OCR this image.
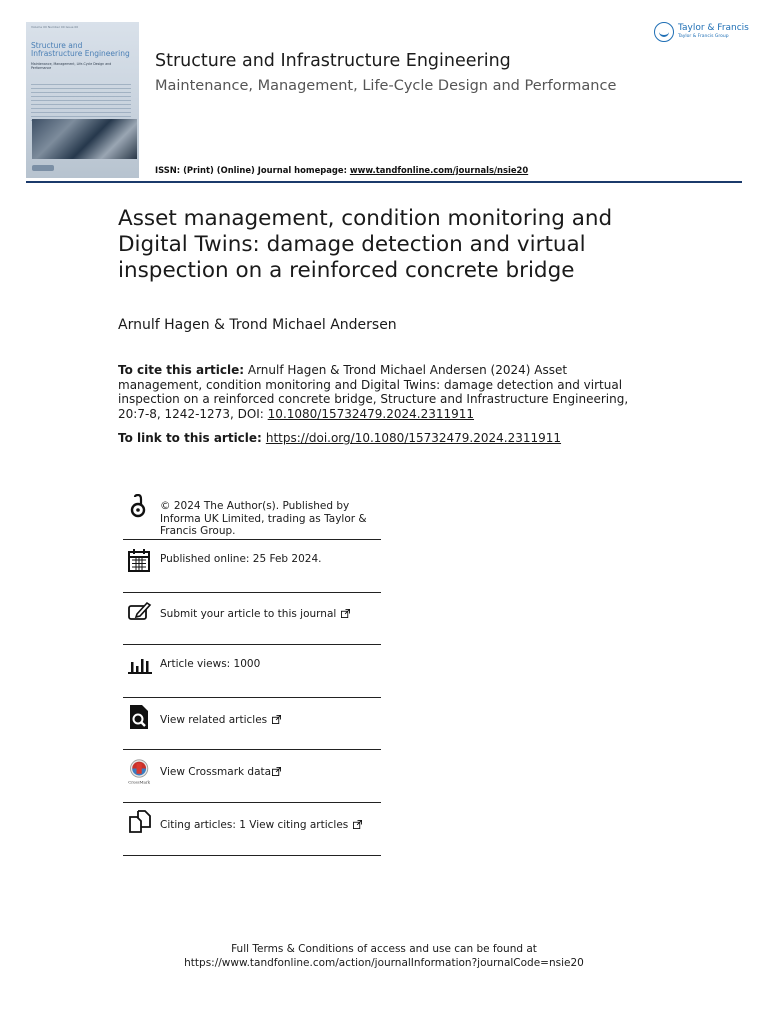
Volume 00 Number 00 Issue 00
Structure and Infrastructure Engineering
Maintenance, Management, Life-Cycle Design and Performance	Structure and Infrastructure Engineering
Maintenance, Management, Life-Cycle Design and Performance
Taylor & Francis
Taylor & Francis Group
ISSN: (Print) (Online) Journal homepage: www.tandfonline.com/journals/nsie20
Asset management, condition monitoring and Digital Twins: damage detection and virtual inspection on a reinforced concrete bridge
Arnulf Hagen & Trond Michael Andersen
To cite this article: Arnulf Hagen & Trond Michael Andersen (2024) Asset management, condition monitoring and Digital Twins: damage detection and virtual inspection on a reinforced concrete bridge, Structure and Infrastructure Engineering, 20:7-8, 1242-1273, DOI: 10.1080/15732479.2024.2311911
To link to this article: https://doi.org/10.1080/15732479.2024.2311911
© 2024 The Author(s). Published by Informa UK Limited, trading as Taylor & Francis Group.
Published online: 25 Feb 2024.
Submit your article to this journal
Article views: 1000
View related articles
CrossMark
View Crossmark data
Citing articles: 1 View citing articles
Full Terms & Conditions of access and use can be found at
https://www.tandfonline.com/action/journalInformation?journalCode=nsie20
